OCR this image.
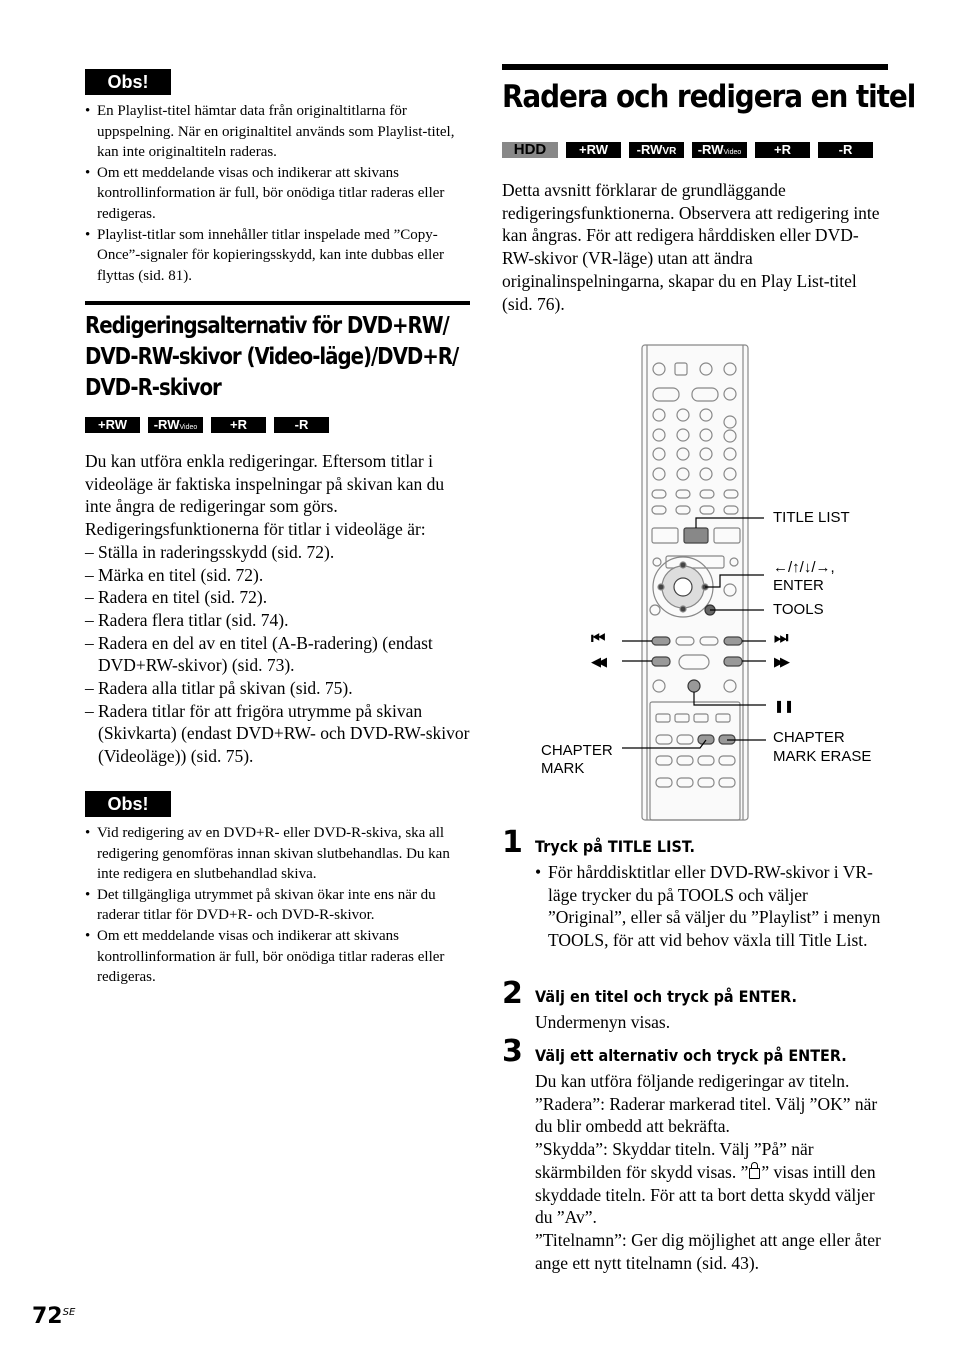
Obs!
• En Playlist-titel hämtar data från originaltitlarna för uppspelning. När en originaltitel används som Playlist-titel, kan inte originaltiteln raderas.
• Om ett meddelande visas och indikerar att skivans kontrollinformation är full, bör onödiga titlar raderas eller redigeras.
• Playlist-titlar som innehåller titlar inspelade med ”Copy-Once”-signaler för kopieringsskydd, kan inte dubbas eller flyttas (sid. 81).
Redigeringsalternativ för DVD+RW/
DVD-RW-skivor (Video-läge)/DVD+R/
DVD-R-skivor
+RW	-RWVideo	+R	-R
Du kan utföra enkla redigeringar. Eftersom titlar i videoläge är faktiska inspelningar på skivan kan du inte ångra de redigeringar som görs. Redigeringsfunktionerna för titlar i videoläge är:
– Ställa in raderingsskydd (sid. 72).
– Märka en titel (sid. 72).
– Radera en titel (sid. 72).
– Radera flera titlar (sid. 74).
– Radera en del av en titel (A-B-radering) (endast DVD+RW-skivor) (sid. 73).
– Radera alla titlar på skivan (sid. 75).
– Radera titlar för att frigöra utrymme på skivan (Skivkarta) (endast DVD+RW- och DVD-RW-skivor (Videoläge)) (sid. 75).
Obs!
• Vid redigering av en DVD+R- eller DVD-R-skiva, ska all redigering genomföras innan skivan slutbehandlas. Du kan inte redigera en slutbehandlad skiva.
• Det tillgängliga utrymmet på skivan ökar inte ens när du raderar titlar för DVD+R- och DVD-R-skivor.
• Om ett meddelande visas och indikerar att skivans kontrollinformation är full, bör onödiga titlar raderas eller redigeras.
Radera och redigera en titel
HDD	+RW	-RWVR	-RWVideo	+R	-R
Detta avsnitt förklarar de grundläggande redigeringsfunktionerna. Observera att redigering inte kan ångras. För att redigera hårddisken eller DVD-RW-skivor (VR-läge) utan att ändra originalinspelningarna, skapar du en Play List-titel (sid. 76).
TITLE LIST
←/↑/↓/→,
ENTER
TOOLS
⏮	⏭
◀◀	▶▶
❚❚
CHAPTER
MARK
CHAPTER
MARK ERASE
1 Tryck på TITLE LIST.
• För hårddisktitlar eller DVD-RW-skivor i VR-läge trycker du på TOOLS och väljer ”Original”, eller så väljer du ”Playlist” i menyn TOOLS, för att vid behov växla till Title List.
2 Välj en titel och tryck på ENTER.
Undermenyn visas.
3 Välj ett alternativ och tryck på ENTER.
Du kan utföra följande redigeringar av titeln.
”Radera”: Raderar markerad titel. Välj ”OK” när du blir ombedd att bekräfta.
”Skydda”: Skyddar titeln. Välj ”På” när skärmbilden för skydd visas. ” ” visas intill den skyddade titeln. För att ta bort detta skydd väljer du ”Av”.
”Titelnamn”: Ger dig möjlighet att ange eller åter ange ett nytt titelnamn (sid. 43).
$72^{SE}$
